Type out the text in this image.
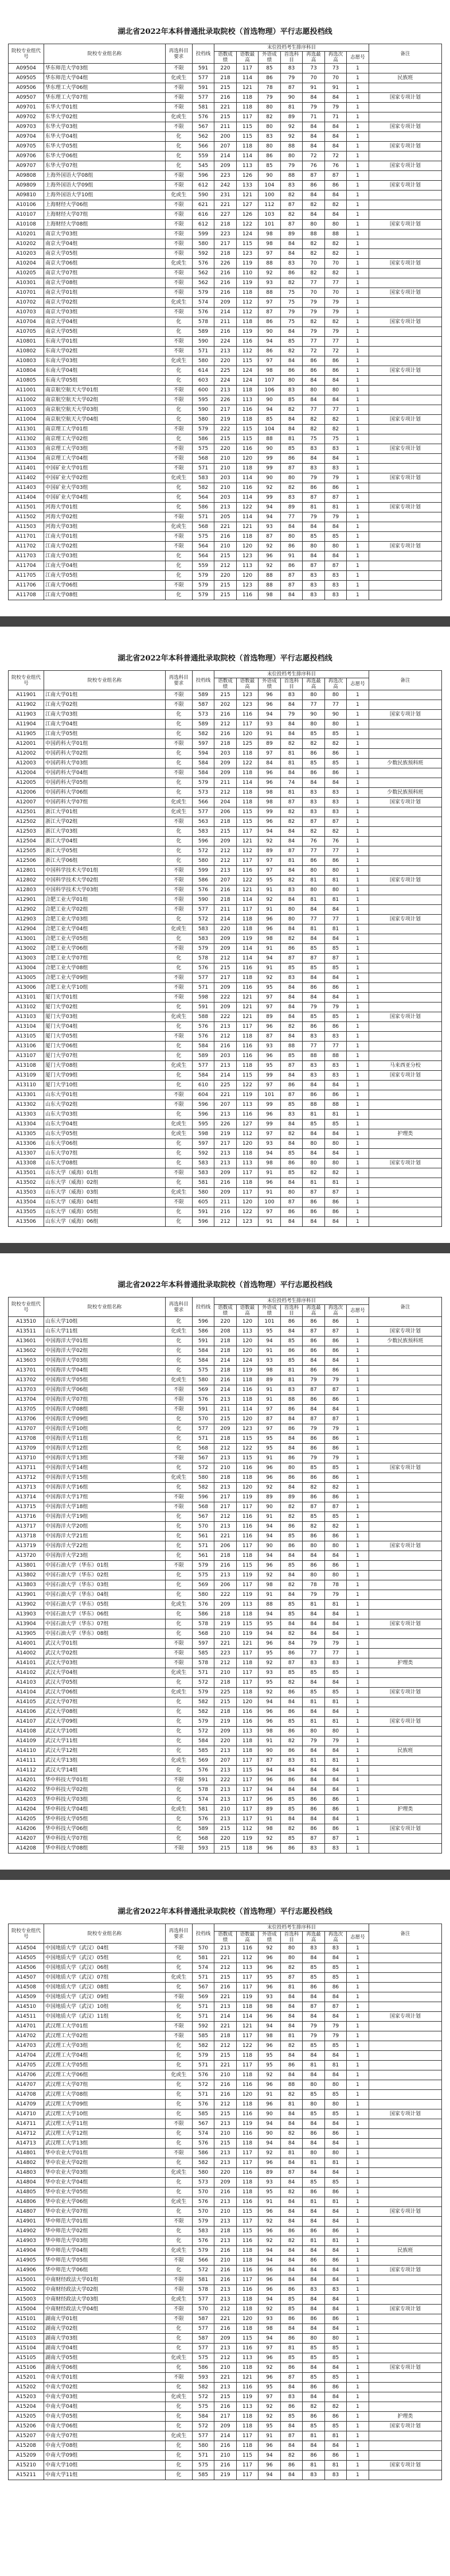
湖北省2022年本科普通批录取院校（首选物理）平行志愿投档线
院校专业组代号	院校专业组名称	再选科目要求	投档线	末位投档考生排序科目							备注
				语数成绩	语数最高	外语成绩	首选科目	再选最高	再选次高	志愿号	
A09504	华东师范大学03组	不限	591	220	117	85	83	73	73	1	
A09505	华东师范大学04组	化或生	577	218	114	86	79	70	70	1	民族班
A09506	华东理工大学06组	不限	591	215	121	78	87	91	91	1	
A09507	华东理工大学07组	不限	577	216	118	79	90	84	84	1	国家专项计划
A09701	东华大学01组	不限	581	221	118	80	81	79	79	1	
A09702	东华大学02组	化或生	576	215	117	82	89	71	71	1	
A09703	东华大学03组	不限	567	211	115	80	92	84	84	1	国家专项计划
A09704	东华大学04组	化	562	200	115	83	92	84	84	1	
A09705	东华大学05组	化	566	207	118	80	88	84	84	1	国家专项计划
A09706	东华大学06组	化	559	214	114	86	80	72	72	1	
A09707	东华大学07组	化	545	209	113	85	79	76	76	1	国家专项计划
A09808	上海外国语大学08组	不限	596	223	126	90	88	87	87	1	
A09809	上海外国语大学09组	不限	612	242	133	104	83	86	86	1	国家专项计划
A09810	上海外国语大学10组	化或生	590	231	121	100	82	84	84	1	
A10106	上海财经大学06组	不限	621	221	127	112	87	82	82	1	
A10107	上海财经大学07组	不限	616	227	126	103	82	84	84	1	
A10108	上海财经大学08组	不限	612	218	122	101	87	80	80	1	国家专项计划
A10201	南京大学03组	不限	599	223	124	98	89	88	88	1	
A10202	南京大学04组	不限	580	217	115	98	84	82	82	1	
A10203	南京大学05组	不限	592	218	123	97	84	82	82	1	
A10204	南京大学06组	化或生	576	226	119	88	83	70	70	1	国家专项计划
A10205	南京大学07组	不限	562	216	110	92	86	82	82	1	
A10301	南京大学08组	不限	562	216	119	93	82	77	77	1	
A10701	南京大学01组	不限	579	216	118	88	75	70	70	1	国家专项计划
A10702	南京大学02组	化或生	574	209	112	97	75	79	79	1	
A10703	南京大学03组	不限	576	214	112	87	79	79	79	1	
A10704	南京大学04组	化	578	211	118	86	75	82	82	1	国家专项计划
A10705	南京大学05组	化	589	216	119	90	84	79	79	1	
A10801	东南大学01组	不限	590	224	116	94	85	77	77	1	
A10802	东南大学02组	不限	571	213	112	86	82	72	72	1	
A10803	东南大学03组	化或生	580	220	115	97	84	86	86	1	
A10804	东南大学04组	化	614	225	124	98	86	86	86	1	国家专项计划
A10805	东南大学05组	化	603	224	124	107	80	84	84	1	
A11001	南京航空航天大学01组	不限	600	213	118	106	83	80	80	1	
A11002	南京航空航天大学02组	不限	595	226	113	90	85	84	84	1	
A11003	南京航空航天大学03组	化	590	217	116	94	82	77	77	1	
A11004	南京航空航天大学04组	化	580	219	118	85	84	82	82	1	国家专项计划
A11301	南京理工大学01组	不限	579	222	115	104	84	82	82	1	
A11302	南京理工大学02组	化	586	215	115	88	81	75	75	1	
A11303	南京理工大学03组	不限	575	220	116	90	85	83	83	1	国家专项计划
A11304	南京理工大学04组	不限	568	210	120	99	86	84	84	1	
A11401	中国矿业大学01组	不限	571	210	118	99	87	83	83	1	
A11402	中国矿业大学02组	化或生	583	203	114	90	80	79	79	1	国家专项计划
A11403	中国矿业大学03组	化	582	210	116	92	82	86	86	1	
A11404	中国矿业大学04组	化	564	203	114	99	83	87	87	1	
A11501	河海大学01组	化	586	213	122	94	89	81	81	1	国家专项计划
A11502	河海大学02组	不限	571	205	114	94	77	79	79	1	
A11503	河海大学03组	化或生	568	221	121	93	84	84	84	1	
A11701	江南大学01组	不限	575	216	118	87	80	85	85	1	
A11702	江南大学02组	不限	564	210	120	92	86	80	80	1	国家专项计划
A11703	江南大学03组	化	564	215	123	96	91	84	84	1	
A11704	江南大学04组	化	559	212	113	92	86	87	87	1	
A11705	江南大学05组	化	579	220	120	88	87	83	83	1	
A11706	江南大学06组	不限	579	215	123	88	87	83	83	1	
A11708	江南大学08组	化	579	215	116	98	84	83	83	1	
湖北省2022年本科普通批录取院校（首选物理）平行志愿投档线
院校专业组代号	院校专业组名称	再选科目要求	投档线	末位投档考生排序科目							备注
				语数成绩	语数最高	外语成绩	首选科目	再选最高	再选次高	志愿号	
A11901	江南大学01组	不限	589	215	123	96	83	80	80	1	
A11902	江南大学02组	不限	587	202	123	96	84	77	77	1	
A11903	江南大学03组	化	573	216	116	94	79	90	90	1	国家专项计划
A11904	江南大学04组	化	589	212	117	93	84	80	80	1	
A11905	江南大学05组	化	582	216	120	91	84	85	85	1	
A12001	中国药科大学01组	不限	597	218	125	89	82	82	82	1	
A12002	中国药科大学02组	化	594	203	118	97	81	86	86	1	
A12003	中国药科大学03组	化	584	209	122	84	81	85	85	1	少数民族预科班
A12004	中国药科大学04组	不限	584	209	118	96	84	86	86	1	
A12005	中国药科大学05组	化	579	211	114	96	74	84	84	1	
A12006	中国药科大学06组	化	573	212	118	98	81	83	83	1	少数民族预科班
A12007	中国药科大学07组	化或生	566	204	118	98	87	83	83	1	国家专项计划
A12501	浙江大学01组	化或生	577	206	115	99	82	83	83	1	
A12502	浙江大学02组	不限	563	218	115	96	82	87	87	1	
A12503	浙江大学03组	化	583	215	117	94	84	82	82	1	
A12504	浙江大学04组	化	596	209	121	92	84	76	76	1	
A12505	浙江大学05组	化	572	212	112	89	87	77	77	1	
A12506	浙江大学06组	化	580	212	117	97	81	86	86	1	
A12801	中国科学技术大学01组	不限	599	213	116	97	84	80	80	1	
A12802	中国科学技术大学02组	不限	586	207	122	95	82	81	81	1	国家专项计划
A12803	中国科学技术大学03组	不限	576	216	121	91	83	80	80	1	
A12901	合肥工业大学01组	不限	590	218	114	92	84	81	81	1	
A12902	合肥工业大学02组	不限	577	211	117	91	80	84	84	1	
A12903	合肥工业大学03组	化	572	214	118	96	80	77	77	1	国家专项计划
A12904	合肥工业大学04组	化或生	583	220	118	96	84	81	81	1	
A13001	合肥工业大学05组	化	583	209	119	98	82	84	84	1	
A13002	合肥工业大学06组	不限	579	209	114	91	86	85	85	1	
A13003	合肥工业大学07组	化	578	212	114	94	87	87	87	1	
A13004	合肥工业大学08组	化	576	215	116	91	85	85	85	1	
A13005	合肥工业大学09组	不限	577	217	118	92	83	84	84	1	
A13006	合肥工业大学10组	不限	571	209	116	95	84	86	86	1	
A13101	厦门大学01组	不限	598	222	121	97	84	84	84	1	
A13102	厦门大学02组	化	591	209	121	97	84	79	79	1	
A13103	厦门大学03组	化或生	588	222	121	89	84	85	85	1	国家专项计划
A13104	厦门大学04组	化	576	213	117	96	82	86	86	1	
A13105	厦门大学05组	不限	576	212	118	87	84	83	83	1	
A13106	厦门大学06组	化	584	216	116	93	88	77	77	1	
A13107	厦门大学07组	化	589	203	116	96	85	88	88	1	
A13108	厦门大学08组	化或生	577	213	118	95	87	83	83	1	马来西亚分校
A13109	厦门大学09组	化	584	214	115	99	84	83	83	1	国家专项计划
A13110	厦门大学10组	化	610	225	122	97	86	84	84	1	
A13301	山东大学01组	不限	604	221	119	101	87	86	86	1	
A13302	山东大学02组	不限	596	207	113	99	85	88	88	1	
A13303	山东大学03组	化	596	213	116	96	83	81	81	1	
A13304	山东大学04组	化或生	595	226	127	99	84	85	85	1	
A13305	山东大学05组	化或生	598	219	112	97	82	84	84	1	护理类
A13306	山东大学06组	化	597	217	120	93	84	80	80	1	
A13307	山东大学07组	化	592	213	118	94	85	84	84	1	
A13308	山东大学08组	化	583	213	113	98	86	80	80	1	国家专项计划
A13501	山东大学（威海）01组	不限	583	209	117	91	85	82	82	1	
A13502	山东大学（威海）02组	化	581	216	118	96	84	81	81	1	
A13503	山东大学（威海）03组	化或生	580	209	117	91	80	87	87	1	
A13504	山东大学（威海）04组	不限	605	211	120	100	87	86	86	1	
A13505	山东大学（威海）05组	化	591	216	122	97	86	86	86	1	
A13506	山东大学（威海）06组	化	596	212	123	91	84	84	84	1	
湖北省2022年本科普通批录取院校（首选物理）平行志愿投档线
院校专业组代号	院校专业组名称	再选科目要求	投档线	末位投档考生排序科目							备注
				语数成绩	语数最高	外语成绩	首选科目	再选最高	再选次高	志愿号	
A13510	山东大学10组	化	596	220	120	101	86	86	86	1	
A13511	山东大学11组	化或生	586	208	113	95	84	87	87	1	国家专项计划
A13601	中国海洋大学01组	化	591	218	120	94	85	86	86	1	少数民族预科班
A13602	中国海洋大学02组	化	584	218	120	91	86	86	86	1	
A13603	中国海洋大学03组	化	584	214	124	93	85	84	84	1	
A13701	中国海洋大学04组	化	575	218	119	98	81	86	86	1	
A13702	中国海洋大学05组	化或生	580	216	118	89	81	79	79	1	
A13703	中国海洋大学06组	不限	569	214	116	91	83	87	87	1	
A13704	中国海洋大学07组	不限	576	213	118	91	88	86	86	1	
A13705	中国海洋大学08组	不限	591	211	114	97	86	84	84	1	
A13706	中国海洋大学09组	化	570	215	120	87	84	87	87	1	
A13707	中国海洋大学10组	化	577	209	123	97	86	79	79	1	
A13708	中国海洋大学11组	化	571	218	115	95	84	86	86	1	
A13709	中国海洋大学12组	化	568	212	122	95	84	86	86	1	
A13710	中国海洋大学13组	不限	567	213	115	91	86	79	79	1	
A13711	中国海洋大学14组	化	572	210	116	96	80	85	85	1	国家专项计划
A13712	中国海洋大学15组	化或生	580	218	118	96	86	86	86	1	
A13713	中国海洋大学16组	化	582	213	120	92	84	82	82	1	
A13714	中国海洋大学17组	不限	596	217	119	89	89	86	86	1	
A13715	中国海洋大学18组	不限	568	217	117	90	82	87	87	1	
A13716	中国海洋大学19组	化	567	212	116	91	82	85	85	1	
A13717	中国海洋大学20组	化	570	213	116	94	86	82	82	1	
A13718	中国海洋大学21组	化	561	221	116	94	85	86	86	1	
A13719	中国海洋大学22组	化	571	206	117	90	86	80	80	1	国家专项计划
A13720	中国海洋大学23组	化	561	218	118	94	84	84	84	1	
A13801	中国石油大学（华东）01组	不限	579	216	115	96	85	86	86	1	
A13802	中国石油大学（华东）02组	化	575	213	119	92	84	80	80	1	
A13803	中国石油大学（华东）03组	化	569	206	117	98	82	78	78	1	
A13901	中国石油大学（华东）04组	化	580	222	119	91	84	79	79	1	
A13902	中国石油大学（华东）05组	化或生	576	209	113	88	85	81	81	1	
A13903	中国石油大学（华东）06组	化	586	218	118	94	85	84	84	1	
A13904	中国石油大学（华东）07组	化	578	219	115	95	84	84	84	1	国家专项计划
A13905	中国石油大学（华东）08组	化	568	210	119	94	82	84	84	1	
A14001	武汉大学01组	不限	597	221	121	96	84	79	79	1	
A14002	武汉大学02组	不限	585	223	117	95	86	77	77	1	
A14101	武汉大学03组	不限	578	212	118	92	87	83	83	1	护理类
A14102	武汉大学04组	化或生	571	210	117	93	85	85	85	1	
A14103	武汉大学05组	化	572	218	117	95	82	84	84	1	
A14104	武汉大学06组	化或生	579	225	118	92	86	85	85	1	国家专项计划
A14105	武汉大学07组	化	582	215	120	94	84	81	81	1	
A14106	武汉大学08组	化	582	218	116	96	86	84	84	1	
A14107	武汉大学09组	化	579	219	116	96	85	81	81	1	国家专项计划
A14108	武汉大学10组	化	572	209	113	98	86	80	80	1	
A14109	武汉大学11组	化	584	220	118	91	82	79	79	1	
A14110	武汉大学12组	化	585	213	118	90	86	84	84	1	民族班
A14111	武汉大学13组	化或生	569	207	117	87	83	81	81	1	
A14112	武汉大学14组	化	576	213	115	94	84	84	84	1	
A14201	华中科技大学01组	不限	591	222	117	96	86	84	84	1	
A14202	华中科技大学02组	化	578	213	117	94	84	84	84	1	
A14203	华中科技大学03组	化	574	213	117	96	85	86	86	1	
A14204	华中科技大学04组	化或生	581	210	117	89	85	86	86	1	护理类
A14205	华中科技大学05组	化	576	213	117	91	84	84	84	1	
A14206	华中科技大学06组	化	589	215	112	98	82	86	86	1	国家专项计划
A14207	华中科技大学07组	化	568	220	119	92	85	87	87	1	
A14208	华中科技大学08组	不限	593	215	118	96	86	83	83	1	
湖北省2022年本科普通批录取院校（首选物理）平行志愿投档线
院校专业组代号	院校专业组名称	再选科目要求	投档线	末位投档考生排序科目							备注
				语数成绩	语数最高	外语成绩	首选科目	再选最高	再选次高	志愿号	
A14504	中国地质大学（武汉）04组	不限	570	213	116	92	80	83	83	1	
A14505	中国地质大学（武汉）05组	化	581	221	112	96	80	84	84	1	
A14506	中国地质大学（武汉）06组	化	574	212	113	96	82	85	85	1	
A14507	中国地质大学（武汉）07组	化或生	571	215	117	95	87	85	85	1	
A14508	中国地质大学（武汉）08组	化	567	216	117	96	81	86	86	1	
A14509	中国地质大学（武汉）09组	不限	569	221	119	93	84	84	84	1	
A14510	中国地质大学（武汉）10组	化	571	213	118	98	84	87	87	1	
A14511	中国地质大学（武汉）11组	化	571	214	114	96	84	84	84	1	国家专项计划
A14701	武汉理工大学01组	不限	592	221	121	94	84	79	79	1	
A14702	武汉理工大学02组	不限	585	218	117	98	81	79	79	1	
A14703	武汉理工大学03组	化	582	212	122	96	82	85	85	1	
A14704	武汉理工大学04组	化	579	215	118	95	84	84	84	1	
A14705	武汉理工大学05组	化	571	221	117	95	86	81	81	1	
A14706	武汉理工大学06组	化或生	576	210	118	92	84	84	84	1	
A14707	武汉理工大学07组	化	572	216	116	96	88	80	80	1	
A14708	武汉理工大学08组	化	571	216	120	91	82	85	85	1	
A14709	武汉理工大学09组	化	576	212	118	96	81	80	80	1	
A14710	武汉理工大学10组	化	585	215	116	90	84	85	85	1	国家专项计划
A14711	武汉理工大学11组	不限	567	213	119	94	84	84	84	1	
A14712	武汉理工大学12组	化	574	210	116	90	82	86	86	1	
A14713	武汉理工大学13组	化	576	215	118	94	84	84	84	1	
A14801	华中农业大学01组	不限	586	213	117	92	81	80	80	1	
A14802	华中农业大学02组	化	582	213	117	96	84	81	81	1	
A14803	华中农业大学03组	化或生	580	220	116	89	87	84	84	1	
A14804	华中农业大学04组	化	573	209	118	93	84	85	85	1	
A14805	华中农业大学05组	化	570	216	118	95	82	86	86	1	
A14806	华中农业大学06组	化或生	576	213	116	91	84	81	81	1	
A14807	华中农业大学07组	化	570	210	115	96	84	84	84	1	国家专项计划
A14901	华中师范大学01组	不限	579	213	117	92	84	84	84	1	
A14902	华中师范大学02组	化	583	218	115	96	86	86	86	1	
A14903	华中师范大学03组	化	576	213	116	92	82	81	81	1	
A14904	华中师范大学04组	化或生	579	216	118	94	84	84	84	1	民族班
A14905	华中师范大学05组	不限	566	210	118	94	84	86	86	1	
A14906	华中师范大学06组	化	572	216	116	96	84	84	84	1	国家专项计划
A15001	中南财经政法大学01组	不限	581	216	117	96	84	84	84	1	
A15002	中南财经政法大学02组	不限	578	213	116	96	86	83	83	1	
A15003	中南财经政法大学03组	化或生	577	213	118	94	85	84	84	1	
A15004	中南财经政法大学04组	不限	570	212	118	92	85	84	84	1	国家专项计划
A15101	湖南大学01组	不限	587	221	120	93	86	86	86	1	
A15102	湖南大学02组	化	577	216	118	98	84	84	84	1	
A15103	湖南大学03组	化	587	209	115	94	86	80	80	1	
A15104	湖南大学04组	化	577	213	116	97	81	85	85	1	
A15105	湖南大学05组	化或生	575	212	113	96	85	85	85	1	
A15106	湖南大学06组	化	586	210	118	92	86	84	84	1	国家专项计划
A15201	中南大学01组	不限	593	221	121	96	87	85	85	1	
A15202	中南大学02组	化	582	213	116	95	84	86	86	1	
A15203	中南大学03组	化或生	572	215	119	97	83	84	84	1	
A15204	中南大学04组	化	575	216	113	92	86	82	82	1	
A15205	中南大学05组	化	584	217	118	92	85	86	86	1	护理类
A15206	中南大学06组	化	572	209	118	95	84	85	85	1	国家专项计划
A15207	中南大学07组	化或生	577	214	117	91	87	81	81	1	
A15208	中南大学08组	化	580	216	118	96	84	84	84	1	
A15209	中南大学09组	化	571	210	115	94	82	86	86	1	
A15210	中南大学10组	化	575	216	117	96	86	81	81	1	国家专项计划
A15211	中南大学11组	化	585	219	117	94	84	83	83	1	
